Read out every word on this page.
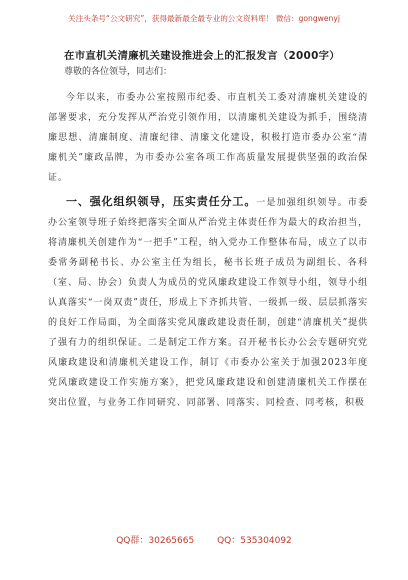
关注头条号“公文研究”，获得最新最全最专业的公文资料库！ 微信：gongwenyj
在市直机关清廉机关建设推进会上的汇报发言（2000字）
尊敬的各位领导，同志们：

今年以来，市委办公室按照市纪委、市直机关工委对清廉机关建设的部署要求，充分发挥从严治党引领作用，以清廉机关建设为抓手，围绕清廉思想、清廉制度、清廉纪律、清廉文化建设，积极打造市委办公室“清廉机关”廉政品牌，为市委办公室各项工作高质量发展提供坚强的政治保证。

一、强化组织领导，压实责任分工。一是加强组织领导。市委办公室领导班子始终把落实全面从严治党主体责任作为最大的政治担当，将清廉机关创建作为“一把手”工程，纳入党办工作整体布局，成立了以市委常务副秘书长、办公室主任为组长，秘书长班子成员为副组长、各科（室、局、协会）负责人为成员的党风廉政建设工作领导小组，领导小组认真落实“一岗双责”责任，形成上下齐抓共管、一级抓一级、层层抓落实的良好工作局面，为全面落实党风廉政建设责任制，创建“清廉机关”提供了强有力的组织保证。二是制定工作方案。召开秘书长办公会专题研究党风廉政建设和清廉机关建设工作，制订《市委办公室关于加强2023年度党风廉政建设工作实施方案》，把党风廉政建设和创建清廉机关工作摆在突出位置，与业务工作同研究、同部署、同落实、同检查、同考核，积极

QQ群：30265665	QQ：535304092
